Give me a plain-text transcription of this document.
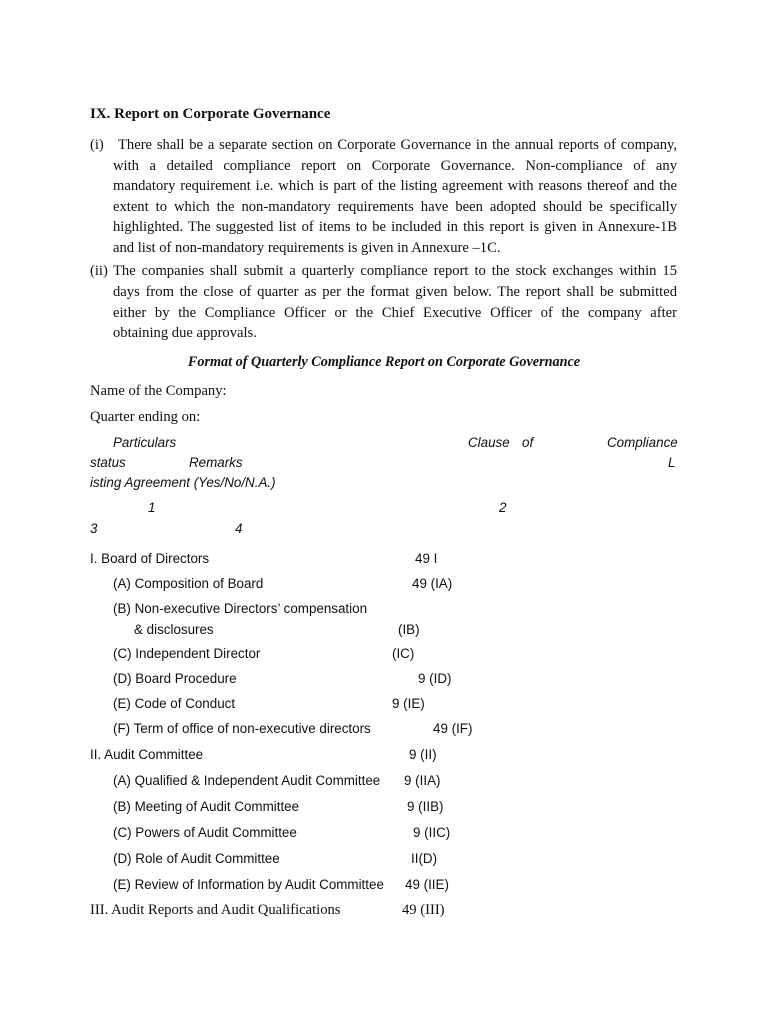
IX. Report on Corporate Governance
(i) There shall be a separate section on Corporate Governance in the annual reports of company,
with a detailed compliance report on Corporate Governance. Non-compliance of any
mandatory requirement i.e. which is part of the listing agreement with reasons thereof and the
extent to which the non-mandatory requirements have been adopted should be specifically
highlighted. The suggested list of items to be included in this report is given in Annexure-1B
and list of non-mandatory requirements is given in Annexure –1C.
(ii) The companies shall submit a quarterly compliance report to the stock exchanges within 15
days from the close of quarter as per the format given below. The report shall be submitted
either by the Compliance Officer or the Chief Executive Officer of the company after
obtaining due approvals.
Format of Quarterly Compliance Report on Corporate Governance
Name of the Company:
Quarter ending on:
Particulars	Clause of	Compliance
status	Remarks	L
isting Agreement (Yes/No/N.A.)
1	2
3	4
I. Board of Directors	49 I
(A) Composition of Board	49 (IA)
(B) Non-executive Directors’ compensation
& disclosures	(IB)
(C) Independent Director	(IC)
(D) Board Procedure	9 (ID)
(E) Code of Conduct	9 (IE)
(F) Term of office of non-executive directors	49 (IF)
II. Audit Committee	9 (II)
(A) Qualified & Independent Audit Committee 9 (IIA)
(B) Meeting of Audit Committee	9 (IIB)
(C) Powers of Audit Committee	9 (IIC)
(D) Role of Audit Committee	II(D)
(E) Review of Information by Audit Committee 49 (IIE)
III. Audit Reports and Audit Qualifications	49 (III)
